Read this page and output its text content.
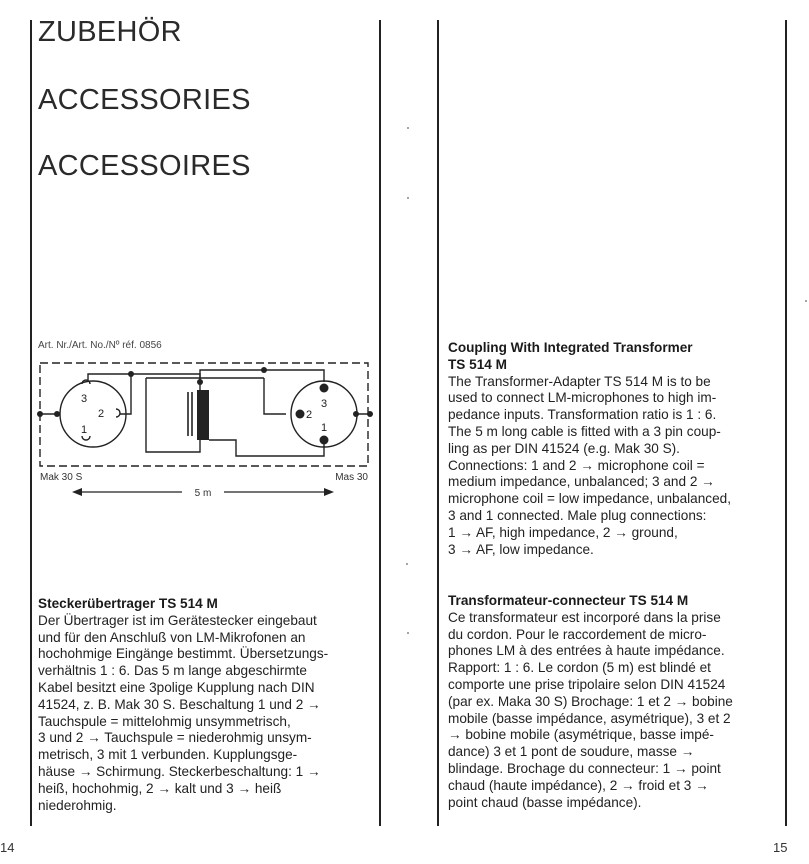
ZUBEHÖR
ACCESSORIES
ACCESSOIRES
Art. Nr./Art. No./Nº réf. 0856
3
2
1
3
2
1
Mak 30 S	Mas 30
5 m
Steckerübertrager TS 514 M

Der Übertrager ist im Gerätestecker eingebaut

und für den Anschluß von LM-Mikrofonen an

hochohmige Eingänge bestimmt. Übersetzungs-

verhältnis 1 : 6. Das 5 m lange abgeschirmte

Kabel besitzt eine 3polige Kupplung nach DIN

41524, z. B. Mak 30 S. Beschaltung 1 und 2 →

Tauchspule = mittelohmig unsymmetrisch,

3 und 2 → Tauchspule = niederohmig unsym-

metrisch, 3 mit 1 verbunden. Kupplungsge-

häuse → Schirmung. Steckerbeschaltung: 1 →

heiß, hochohmig, 2 → kalt und 3 → heiß

niederohmig.

Coupling With Integrated Transformer
TS 514 M

The Transformer-Adapter TS 514 M is to be

used to connect LM-microphones to high im-

pedance inputs. Transformation ratio is 1 : 6.

The 5 m long cable is fitted with a 3 pin coup-

ling as per DIN 41524 (e.g. Mak 30 S).

Connections: 1 and 2 → microphone coil =

medium impedance, unbalanced; 3 and 2 →

microphone coil = low impedance, unbalanced,

3 and 1 connected. Male plug connections:

1 → AF, high impedance, 2 → ground,

3 → AF, low impedance.

Transformateur-connecteur TS 514 M

Ce transformateur est incorporé dans la prise

du cordon. Pour le raccordement de micro-

phones LM à des entrées à haute impédance.

Rapport: 1 : 6. Le cordon (5 m) est blindé et

comporte une prise tripolaire selon DIN 41524

(par ex. Maka 30 S) Brochage: 1 et 2 → bobine

mobile (basse impédance, asymétrique), 3 et 2

→ bobine mobile (asymétrique, basse impé-

dance) 3 et 1 pont de soudure, masse →

blindage. Brochage du connecteur: 1 → point

chaud (haute impédance), 2 → froid et 3 →

point chaud (basse impédance).

14	15
